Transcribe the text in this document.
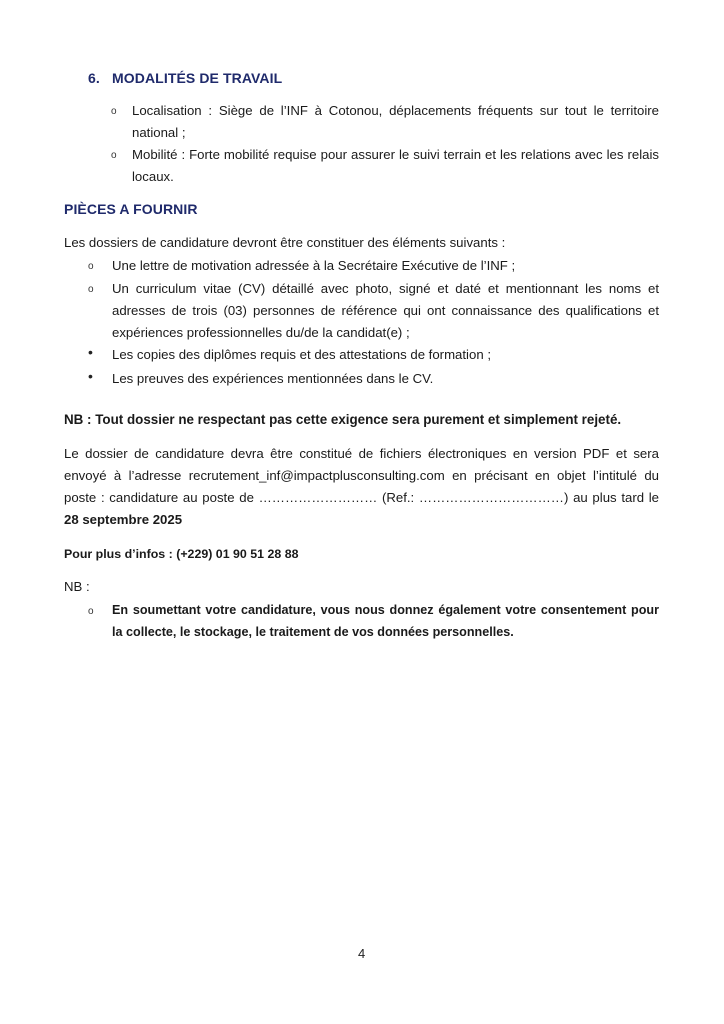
6. MODALITÉS DE TRAVAIL
o Localisation : Siège de l’INF à Cotonou, déplacements fréquents sur tout le territoire national ;
o Mobilité : Forte mobilité requise pour assurer le suivi terrain et les relations avec les relais locaux.
PIÈCES A FOURNIR
Les dossiers de candidature devront être constituer des éléments suivants :
o Une lettre de motivation adressée à la Secrétaire Exécutive de l’INF ;
o Un curriculum vitae (CV) détaillé avec photo, signé et daté et mentionnant les noms et adresses de trois (03) personnes de référence qui ont connaissance des qualifications et expériences professionnelles du/de la candidat(e) ;
• Les copies des diplômes requis et des attestations de formation ;
• Les preuves des expériences mentionnées dans le CV.
NB : Tout dossier ne respectant pas cette exigence sera purement et simplement rejeté.
Le dossier de candidature devra être constitué de fichiers électroniques en version PDF et sera envoyé à l’adresse recrutement_inf@impactplusconsulting.com en précisant en objet l’intitulé du poste : candidature au poste de ……………………… (Ref.: ……………………………) au plus tard le 28 septembre 2025
Pour plus d’infos : (+229) 01 90 51 28 88
NB :
o En soumettant votre candidature, vous nous donnez également votre consentement pour la collecte, le stockage, le traitement de vos données personnelles.
4
